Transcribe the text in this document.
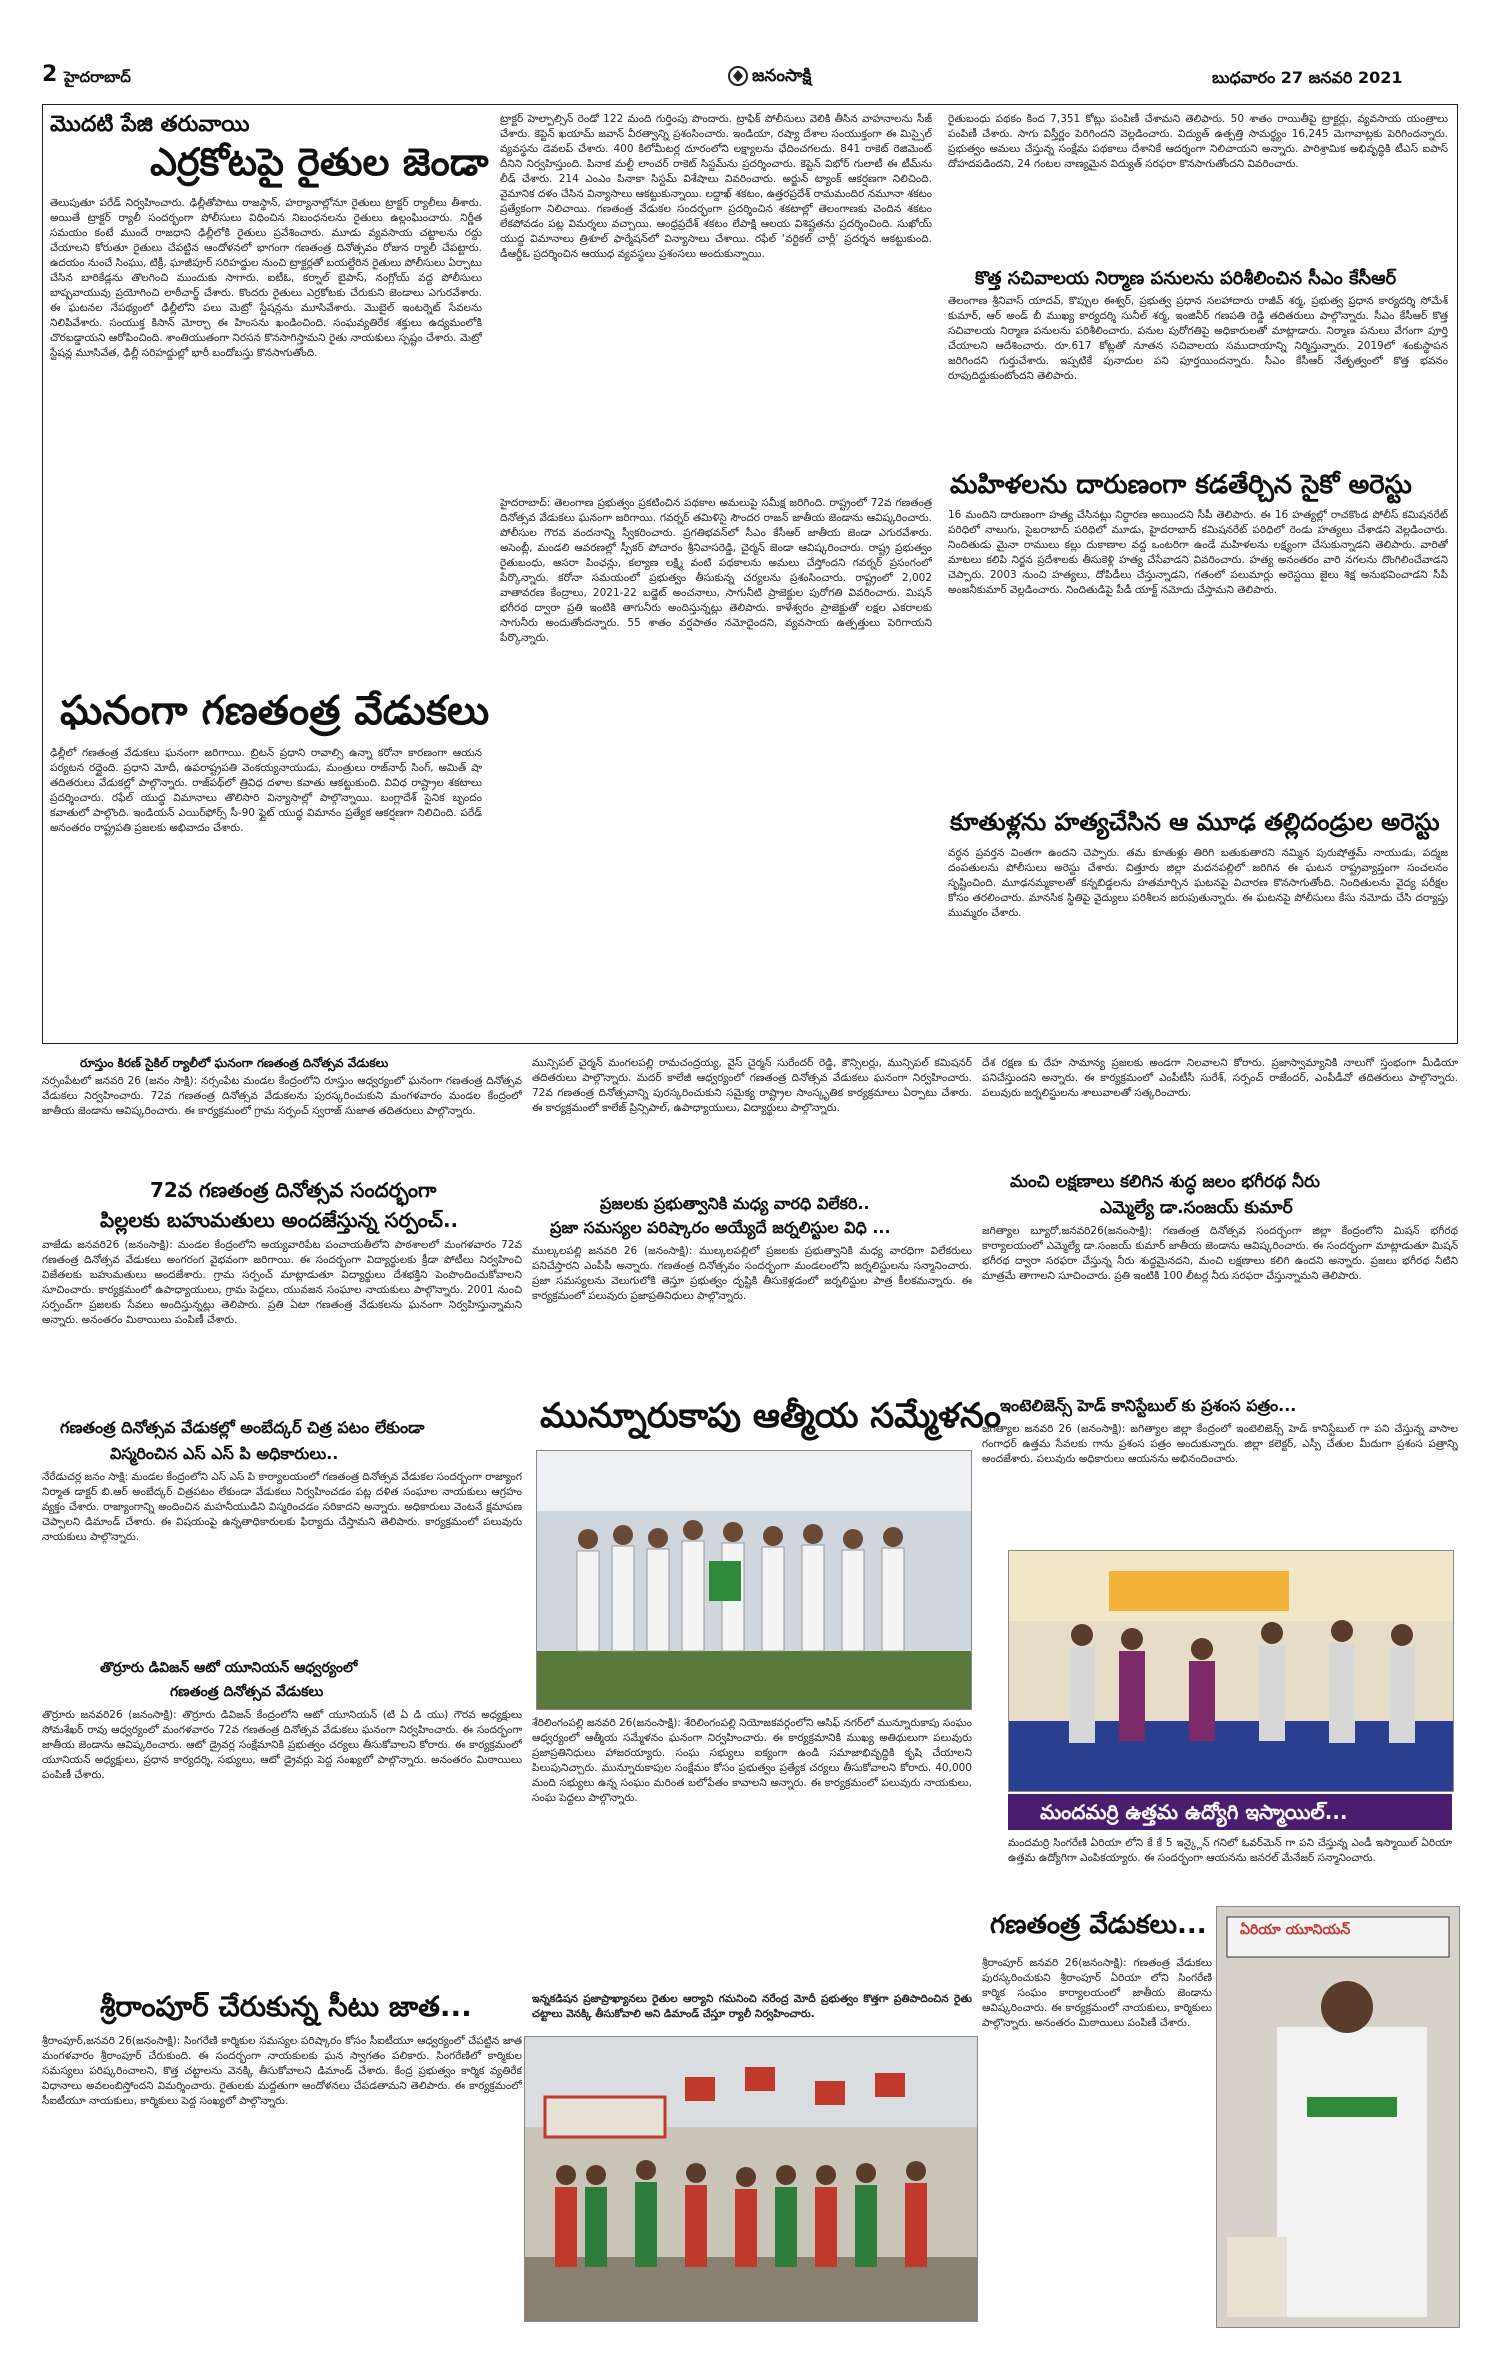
2 హైదరాబాద్	జనంసాక్షి	బుధవారం 27 జనవరి 2021
మొదటి పేజి తరువాయి
ఎర్రకోటపై రైతుల జెండా
తెలుపుతూ పరేడ్ నిర్వహించారు. ఢిల్లీతోపాటు రాజస్థాన్, హర్యానాల్లోనూ రైతులు ట్రాక్టర్ ర్యాలీలు తీశారు. అయితే ట్రాక్టర్ ర్యాలీ సందర్భంగా పోలీసులు విధించిన నిబంధనలను రైతులు ఉల్లంఘించారు. నిర్ణీత సమయం కంటే ముందే రాజధాని ఢిల్లీలోకి రైతులు ప్రవేశించారు. మూడు వ్యవసాయ చట్టాలను రద్దు చేయాలని కోరుతూ రైతులు చేపట్టిన ఆందోళనలో భాగంగా గణతంత్ర దినోత్సవం రోజున ర్యాలీ చేపట్టారు. ఉదయం నుంచే సింఘు, టిక్రీ, ఘాజీపూర్ సరిహద్దుల నుంచి ట్రాక్టర్లతో బయల్దేరిన రైతులు పోలీసులు ఏర్పాటు చేసిన బారికేడ్లను తొలగించి ముందుకు సాగారు. ఐటీఓ, కర్నాల్ బైపాస్, నంగ్లోయ్ వద్ద పోలీసులు బాష్పవాయువు ప్రయోగించి లాఠీచార్జ్ చేశారు. కొందరు రైతులు ఎర్రకోటకు చేరుకుని జెండాలు ఎగురవేశారు. ఈ ఘటనల నేపథ్యంలో ఢిల్లీలోని పలు మెట్రో స్టేషన్లను మూసివేశారు. మొబైల్ ఇంటర్నెట్ సేవలను నిలిపివేశారు. సంయుక్త కిసాన్ మోర్చా ఈ హింసను ఖండించింది. సంఘవ్యతిరేక శక్తులు ఉద్యమంలోకి చొరబడ్డాయని ఆరోపించింది. శాంతియుతంగా నిరసన కొనసాగిస్తామని రైతు నాయకులు స్పష్టం చేశారు. మెట్రో స్టేషన్ల మూసివేత, ఢిల్లీ సరిహద్దుల్లో భారీ బందోబస్తు కొనసాగుతోంది.
ఘనంగా గణతంత్ర వేడుకలు
ఢిల్లీలో గణతంత్ర వేడుకలు ఘనంగా జరిగాయి. బ్రిటన్ ప్రధాని రావాల్సి ఉన్నా కరోనా కారణంగా ఆయన పర్యటన రద్దైంది. ప్రధాని మోదీ, ఉపరాష్ట్రపతి వెంకయ్యనాయుడు, మంత్రులు రాజ్‌నాథ్ సింగ్, అమిత్ షా తదితరులు వేడుకల్లో పాల్గొన్నారు. రాజ్‌పథ్‌లో త్రివిధ దళాల కవాతు ఆకట్టుకుంది. వివిధ రాష్ట్రాల శకటాలు ప్రదర్శించారు. రఫేల్ యుద్ధ విమానాలు తొలిసారి విన్యాసాల్లో పాల్గొన్నాయి. బంగ్లాదేశ్ సైనిక బృందం కవాతులో పాల్గొంది. ఇండియన్ ఎయిర్‌ఫోర్స్ సీ-90 ఫ్లైట్ యుద్ధ విమానం ప్రత్యేక ఆకర్షణగా నిలిచింది. పరేడ్ అనంతరం రాష్ట్రపతి ప్రజలకు అభివాదం చేశారు.
ట్రాక్టర్ హెల్పాల్సిన్ రెండో 122 మంది గుర్తింపు పొందారు. ట్రాఫిక్ పోలీసులు వెలికి తీసిన వాహనాలను సీజ్ చేశారు. కెప్టెన్ ఖయామ్ జవాన్ వీరత్వాన్ని ప్రశంసించారు. ఇండియా, రష్యా దేశాల సంయుక్తంగా ఈ మిస్సైల్ వ్యవస్థను డెవలప్ చేశారు. 400 కిలోమీటర్ల దూరంలోని లక్ష్యాలను ఛేదించగలదు. 841 రాకెట్ రెజిమెంట్ దీనిని నిర్వహిస్తుంది. పినాక మల్టీ లాంచర్ రాకెట్ సిస్టమ్‌ను ప్రదర్శించారు. కెప్టెన్ విభోర్ గులాటీ ఈ టీమ్‌ను లీడ్ చేశారు. 214 ఎంఎం పినాకా సిస్టమ్ విశేషాలు వివరించారు. అర్జున్ ట్యాంక్ ఆకర్షణగా నిలిచింది. వైమానిక దళం చేసిన విన్యాసాలు ఆకట్టుకున్నాయి. లద్దాఖ్ శకటం, ఉత్తరప్రదేశ్ రామమందిర నమూనా శకటం ప్రత్యేకంగా నిలిచాయి. గణతంత్ర వేడుకల సందర్భంగా ప్రదర్శించిన శకటాల్లో తెలంగాణకు చెందిన శకటం లేకపోవడం పట్ల విమర్శలు వచ్చాయి. ఆంధ్రప్రదేశ్ శకటం లేపాక్షి ఆలయ విశిష్టతను ప్రదర్శించింది. సుఖోయ్ యుద్ధ విమానాలు త్రిశూల్ ఫార్మేషన్‌లో విన్యాసాలు చేశాయి. రఫేల్ ‘వర్టికల్ చార్లీ’ ప్రదర్శన ఆకట్టుకుంది. డీఆర్డీఓ ప్రదర్శించిన ఆయుధ వ్యవస్థలు ప్రశంసలు అందుకున్నాయి.
హైదరాబాద్: తెలంగాణ ప్రభుత్వం ప్రకటించిన పథకాల అమలుపై సమీక్ష జరిగింది. రాష్ట్రంలో 72వ గణతంత్ర దినోత్సవ వేడుకలు ఘనంగా జరిగాయి. గవర్నర్ తమిళిసై సౌందర రాజన్ జాతీయ జెండాను ఆవిష్కరించారు. పోలీసుల గౌరవ వందనాన్ని స్వీకరించారు. ప్రగతిభవన్‌లో సీఎం కేసీఆర్ జాతీయ జెండా ఎగురవేశారు. అసెంబ్లీ, మండలి ఆవరణల్లో స్పీకర్ పోచారం శ్రీనివాసరెడ్డి, చైర్మన్ జెండా ఆవిష్కరించారు. రాష్ట్ర ప్రభుత్వం రైతుబంధు, ఆసరా పింఛన్లు, కల్యాణ లక్ష్మి వంటి పథకాలను అమలు చేస్తోందని గవర్నర్ ప్రసంగంలో పేర్కొన్నారు. కరోనా సమయంలో ప్రభుత్వం తీసుకున్న చర్యలను ప్రశంసించారు. రాష్ట్రంలో 2,002 వాతావరణ కేంద్రాలు, 2021-22 బడ్జెట్ అంచనాలు, సాగునీటి ప్రాజెక్టుల పురోగతి వివరించారు. మిషన్ భగీరథ ద్వారా ప్రతి ఇంటికి తాగునీరు అందిస్తున్నట్లు తెలిపారు. కాళేశ్వరం ప్రాజెక్టుతో లక్షల ఎకరాలకు సాగునీరు అందుతోందన్నారు. 55 శాతం వర్షపాతం నమోదైందని, వ్యవసాయ ఉత్పత్తులు పెరిగాయని పేర్కొన్నారు.
రైతుబంధు పథకం కింద 7,351 కోట్లు పంపిణీ చేశామని తెలిపారు. 50 శాతం రాయితీపై ట్రాక్టర్లు, వ్యవసాయ యంత్రాలు పంపిణీ చేశారు. సాగు విస్తీర్ణం పెరిగిందని వెల్లడించారు. విద్యుత్ ఉత్పత్తి సామర్థ్యం 16,245 మెగావాట్లకు పెరిగిందన్నారు. ప్రభుత్వం అమలు చేస్తున్న సంక్షేమ పథకాలు దేశానికే ఆదర్శంగా నిలిచాయని అన్నారు. పారిశ్రామిక అభివృద్ధికి టీఎస్ ఐపాస్ దోహదపడిందని, 24 గంటల నాణ్యమైన విద్యుత్ సరఫరా కొనసాగుతోందని వివరించారు.
కొత్త సచివాలయ నిర్మాణ పనులను పరిశీలించిన సీఎం కేసీఆర్
తెలంగాణ శ్రీనివాస్ యాదవ్, కొప్పుల ఈశ్వర్, ప్రభుత్వ ప్రధాన సలహాదారు రాజీవ్ శర్మ, ప్రభుత్వ ప్రధాన కార్యదర్శి సోమేశ్ కుమార్, ఆర్ అండ్ బీ ముఖ్య కార్యదర్శి సునీల్ శర్మ, ఇంజినీర్ గణపతి రెడ్డి తదితరులు పాల్గొన్నారు. సీఎం కేసీఆర్ కొత్త సచివాలయ నిర్మాణ పనులను పరిశీలించారు. పనుల పురోగతిపై అధికారులతో మాట్లాడారు. నిర్మాణ పనులు వేగంగా పూర్తి చేయాలని ఆదేశించారు. రూ.617 కోట్లతో నూతన సచివాలయ సముదాయాన్ని నిర్మిస్తున్నారు. 2019లో శంకుస్థాపన జరిగిందని గుర్తుచేశారు. ఇప్పటికే పునాదుల పని పూర్తయిందన్నారు. సీఎం కేసీఆర్ నేతృత్వంలో కొత్త భవనం రూపుదిద్దుకుంటోందని తెలిపారు.
మహిళలను దారుణంగా కడతేర్చిన సైకో అరెస్టు
16 మందిని దారుణంగా హత్య చేసినట్లు నిర్ధారణ అయిందని సీపీ తెలిపారు. ఈ 16 హత్యల్లో రాచకొండ పోలీస్ కమిషనరేట్ పరిధిలో నాలుగు, సైబరాబాద్ పరిధిలో మూడు, హైదరాబాద్ కమిషనరేట్ పరిధిలో రెండు హత్యలు చేశాడని వెల్లడించారు. నిందితుడు మైనా రాములు కల్లు దుకాణాల వద్ద ఒంటరిగా ఉండే మహిళలను లక్ష్యంగా చేసుకున్నాడని తెలిపారు. వారితో మాటలు కలిపి నిర్జన ప్రదేశాలకు తీసుకెళ్లి హత్య చేసేవాడని వివరించారు. హత్య అనంతరం వారి నగలను దొంగిలించేవాడని చెప్పారు. 2003 నుంచి హత్యలు, దోపిడీలు చేస్తున్నాడని, గతంలో పలుమార్లు అరెస్టయి జైలు శిక్ష అనుభవించాడని సీపీ అంజనీకుమార్ వెల్లడించారు. నిందితుడిపై పీడీ యాక్ట్ నమోదు చేస్తామని తెలిపారు.
కూతుళ్లను హత్యచేసిన ఆ మూఢ తల్లిదండ్రుల అరెస్టు
వర్ధన ప్రవర్తన వింతగా ఉందని చెప్పారు. తమ కూతుళ్లు తిరిగి బతుకుతారని నమ్మిన పురుషోత్తమ్ నాయుడు, పద్మజ దంపతులను పోలీసులు అరెస్టు చేశారు. చిత్తూరు జిల్లా మదనపల్లిలో జరిగిన ఈ ఘటన రాష్ట్రవ్యాప్తంగా సంచలనం సృష్టించింది. మూఢనమ్మకాలతో కన్నబిడ్డలను హతమార్చిన ఘటనపై విచారణ కొనసాగుతోంది. నిందితులను వైద్య పరీక్షల కోసం తరలించారు. మానసిక స్థితిపై వైద్యులు పరిశీలన జరుపుతున్నారు. ఈ ఘటనపై పోలీసులు కేసు నమోదు చేసి దర్యాప్తు ముమ్మరం చేశారు.
రూస్తుం కిరణ్ సైకిల్ ర్యాలీలో ఘనంగా గణతంత్ర దినోత్సవ వేడుకలు
నర్సంపేటలో జనవరి 26 (జనం సాక్షి): నర్సంపేట మండల కేంద్రంలోని రూస్తుం ఆధ్వర్యంలో ఘనంగా గణతంత్ర దినోత్సవ వేడుకలు నిర్వహించారు. 72వ గణతంత్ర దినోత్సవ వేడుకలను పురస్కరించుకుని మంగళవారం మండల కేంద్రంలో జాతీయ జెండాను ఆవిష్కరించారు. ఈ కార్యక్రమంలో గ్రామ సర్పంచ్ స్వరాజ్ సుజాత తదితరులు పాల్గొన్నారు.
72వ గణతంత్ర దినోత్సవ సందర్భంగా
పిల్లలకు బహుమతులు అందజేస్తున్న సర్పంచ్..
వాజేడు జనవరి26 (జనంసాక్షి): మండల కేంద్రంలోని అయ్యవారిపేట పంచాయతీలోని పాఠశాలలో మంగళవారం 72వ గణతంత్ర దినోత్సవ వేడుకలు అంగరంగ వైభవంగా జరిగాయి. ఈ సందర్భంగా విద్యార్థులకు క్రీడా పోటీలు నిర్వహించి విజేతలకు బహుమతులు అందజేశారు. గ్రామ సర్పంచ్ మాట్లాడుతూ విద్యార్థులు దేశభక్తిని పెంపొందించుకోవాలని సూచించారు. కార్యక్రమంలో ఉపాధ్యాయులు, గ్రామ పెద్దలు, యువజన సంఘాల నాయకులు పాల్గొన్నారు. 2001 నుంచి సర్పంచ్‌గా ప్రజలకు సేవలు అందిస్తున్నట్లు తెలిపారు. ప్రతి ఏటా గణతంత్ర వేడుకలను ఘనంగా నిర్వహిస్తున్నామని అన్నారు. అనంతరం మిఠాయిలు పంపిణీ చేశారు.
గణతంత్ర దినోత్సవ వేడుకల్లో అంబేద్కర్ చిత్ర పటం లేకుండా
విస్మరించిన ఎస్ ఎస్ పి అధికారులు..
నేరేడుచర్ల జనం సాక్షి: మండల కేంద్రంలోని ఎస్ ఎస్ పి కార్యాలయంలో గణతంత్ర దినోత్సవ వేడుకల సందర్భంగా రాజ్యాంగ నిర్మాత డాక్టర్ బి.ఆర్ అంబేద్కర్ చిత్రపటం లేకుండా వేడుకలు నిర్వహించడం పట్ల దళిత సంఘాల నాయకులు ఆగ్రహం వ్యక్తం చేశారు. రాజ్యాంగాన్ని అందించిన మహనీయుడిని విస్మరించడం సరికాదని అన్నారు. అధికారులు వెంటనే క్షమాపణ చెప్పాలని డిమాండ్ చేశారు. ఈ విషయంపై ఉన్నతాధికారులకు ఫిర్యాదు చేస్తామని తెలిపారు. కార్యక్రమంలో పలువురు నాయకులు పాల్గొన్నారు.
తొర్రూరు డివిజన్ ఆటో యూనియన్ ఆధ్వర్యంలో
గణతంత్ర దినోత్సవ వేడుకలు
తొర్రూరు జనవరి26 (జనంసాక్షి): తొర్రూరు డివిజన్ కేంద్రంలోని ఆటో యూనియన్ (టి ఏ డి యు) గౌరవ అధ్యక్షులు సోమశేఖర్ రావు ఆధ్వర్యంలో మంగళవారం 72వ గణతంత్ర దినోత్సవ వేడుకలు ఘనంగా నిర్వహించారు. ఈ సందర్భంగా జాతీయ జెండాను ఆవిష్కరించారు. ఆటో డ్రైవర్ల సంక్షేమానికి ప్రభుత్వం చర్యలు తీసుకోవాలని కోరారు. ఈ కార్యక్రమంలో యూనియన్ అధ్యక్షులు, ప్రధాన కార్యదర్శి, సభ్యులు, ఆటో డ్రైవర్లు పెద్ద సంఖ్యలో పాల్గొన్నారు. అనంతరం మిఠాయిలు పంపిణీ చేశారు.
శ్రీరాంపూర్ చేరుకున్న సీటు జాత...
శ్రీరాంపూర్,జనవరి 26(జనంసాక్షి): సింగరేణి కార్మికుల సమస్యల పరిష్కారం కోసం సీఐటీయూ ఆధ్వర్యంలో చేపట్టిన జాత మంగళవారం శ్రీరాంపూర్ చేరుకుంది. ఈ సందర్భంగా నాయకులకు ఘన స్వాగతం పలికారు. సింగరేణిలో కార్మికుల సమస్యలు పరిష్కరించాలని, కొత్త చట్టాలను వెనక్కి తీసుకోవాలని డిమాండ్ చేశారు. కేంద్ర ప్రభుత్వం కార్మిక వ్యతిరేక విధానాలు అవలంబిస్తోందని విమర్శించారు. రైతులకు మద్దతుగా ఆందోళనలు చేపడతామని తెలిపారు. ఈ కార్యక్రమంలో సీఐటీయూ నాయకులు, కార్మికులు పెద్ద సంఖ్యలో పాల్గొన్నారు.
మున్సిపల్ చైర్మన్ మంగలపల్లి రామచంద్రయ్య, వైస్ చైర్మన్ సురేందర్ రెడ్డి, కౌన్సిలర్లు, మున్సిపల్ కమిషనర్ తదితరులు పాల్గొన్నారు. మదర్ కాలేజీ ఆధ్వర్యంలో గణతంత్ర దినోత్సవ వేడుకలు ఘనంగా నిర్వహించారు. 72వ గణతంత్ర దినోత్సవాన్ని పురస్కరించుకుని సమైక్య రాష్ట్రాల సాంస్కృతిక కార్యక్రమాలు ఏర్పాటు చేశారు. ఈ కార్యక్రమంలో కాలేజ్ ప్రిన్సిపాల్, ఉపాధ్యాయులు, విద్యార్థులు పాల్గొన్నారు.
ప్రజలకు ప్రభుత్వానికి మధ్య వారధి విలేకరి..
ప్రజా సమస్యల పరిష్కారం అయ్యేదే జర్నలిస్టుల విధి ...
ముల్కలపల్లి జనవరి 26 (జనంసాక్షి): ముల్కలపల్లిలో ప్రజలకు ప్రభుత్వానికి మధ్య వారధిగా విలేకరులు పనిచేస్తారని ఎంపీపీ అన్నారు. గణతంత్ర దినోత్సవం సందర్భంగా మండలంలోని జర్నలిస్టులను సన్మానించారు. ప్రజా సమస్యలను వెలుగులోకి తెస్తూ ప్రభుత్వం దృష్టికి తీసుకెళ్లడంలో జర్నలిస్టుల పాత్ర కీలకమన్నారు. ఈ కార్యక్రమంలో పలువురు ప్రజాప్రతినిధులు పాల్గొన్నారు.
మున్నూరుకాపు ఆత్మీయ సమ్మేళనం
శేరిలింగంపల్లి జనవరి 26(జనంసాక్షి): శేరిలింగంపల్లి నియోజకవర్గంలోని ఆసిఫ్ నగర్‌లో మున్నూరుకాపు సంఘం ఆధ్వర్యంలో ఆత్మీయ సమ్మేళనం ఘనంగా నిర్వహించారు. ఈ కార్యక్రమానికి ముఖ్య అతిథులుగా పలువురు ప్రజాప్రతినిధులు హాజరయ్యారు. సంఘ సభ్యులు ఐక్యంగా ఉండి సమాజాభివృద్ధికి కృషి చేయాలని పిలుపునిచ్చారు. మున్నూరుకాపుల సంక్షేమం కోసం ప్రభుత్వం ప్రత్యేక చర్యలు తీసుకోవాలని కోరారు. 40,000 మంది సభ్యులు ఉన్న సంఘం మరింత బలోపేతం కావాలని అన్నారు. ఈ కార్యక్రమంలో పలువురు నాయకులు, సంఘ పెద్దలు పాల్గొన్నారు.
ఇన్నకడిషన ప్రజాప్రాఖ్యానలు రైతుల ఆర్యాని గమనించి నరేంద్ర మోదీ ప్రభుత్వం కొత్తగా ప్రతిపాదించిన రైతు చట్టాలు వెనక్కి తీసుకోవాలి అని డిమాండ్ చేస్తూ ర్యాలీ నిర్వహించారు.
దేశ రక్షణ కు దేహ సామాన్య ప్రజలకు అండగా నిలవాలని కోరారు. ప్రజాస్వామ్యానికి నాలుగో స్తంభంగా మీడియా పనిచేస్తుందని అన్నారు. ఈ కార్యక్రమంలో ఎంపీటీసీ సురేశ్, సర్పంచ్ రాజేందర్, ఎంపీడీవో తదితరులు పాల్గొన్నారు. పలువురు జర్నలిస్టులను శాలువాలతో సత్కరించారు.
మంచి లక్షణాలు కలిగిన శుద్ధ జలం భగీరథ నీరు
ఎమ్మెల్యే డా.సంజయ్ కుమార్
జగిత్యాల బ్యూరో,జనవరి26(జనంసాక్షి): గణతంత్ర దినోత్సవ సందర్భంగా జిల్లా కేంద్రంలోని మిషన్ భగీరథ కార్యాలయంలో ఎమ్మెల్యే డా.సంజయ్ కుమార్ జాతీయ జెండాను ఆవిష్కరించారు. ఈ సందర్భంగా మాట్లాడుతూ మిషన్ భగీరథ ద్వారా సరఫరా చేస్తున్న నీరు శుద్ధమైనదని, మంచి లక్షణాలు కలిగి ఉందని అన్నారు. ప్రజలు భగీరథ నీటిని మాత్రమే తాగాలని సూచించారు. ప్రతి ఇంటికి 100 లీటర్ల నీరు సరఫరా చేస్తున్నామని తెలిపారు.
ఇంటెలిజెన్స్ హెడ్ కానిస్టేబుల్ కు ప్రశంస పత్రం...
జగిత్యాల జనవరి 26 (జనంసాక్షి): జగిత్యాల జిల్లా కేంద్రంలో ఇంటెలిజెన్స్ హెడ్ కానిస్టేబుల్ గా పని చేస్తున్న వాసాల గంగాధర్ ఉత్తమ సేవలకు గాను ప్రశంస పత్రం అందుకున్నారు. జిల్లా కలెక్టర్, ఎస్పీ చేతుల మీదుగా ప్రశంస పత్రాన్ని అందజేశారు. పలువురు అధికారులు ఆయనను అభినందించారు.
మందమర్రి ఉత్తమ ఉద్యోగి ఇస్మాయిల్...
మందమర్రి సింగరేణి ఏరియా లోని కే కే 5 ఇన్క్లైన్ గనిలో ఓవర్‌మెన్ గా పని చేస్తున్న ఎండీ ఇస్మాయిల్ ఏరియా ఉత్తమ ఉద్యోగిగా ఎంపికయ్యారు. ఈ సందర్భంగా ఆయనను జనరల్ మేనేజర్ సన్మానించారు.
గణతంత్ర వేడుకలు...
శ్రీరాంపూర్ జనవరి 26(జనంసాక్షి): గణతంత్ర వేడుకలు పురస్కరించుకుని శ్రీరాంపూర్ ఏరియా లోని సింగరేణి కార్మిక సంఘం కార్యాలయంలో జాతీయ జెండాను ఆవిష్కరించారు. ఈ కార్యక్రమంలో నాయకులు, కార్మికులు పాల్గొన్నారు. అనంతరం మిఠాయిలు పంపిణీ చేశారు.
ఏరియా యూనియన్
